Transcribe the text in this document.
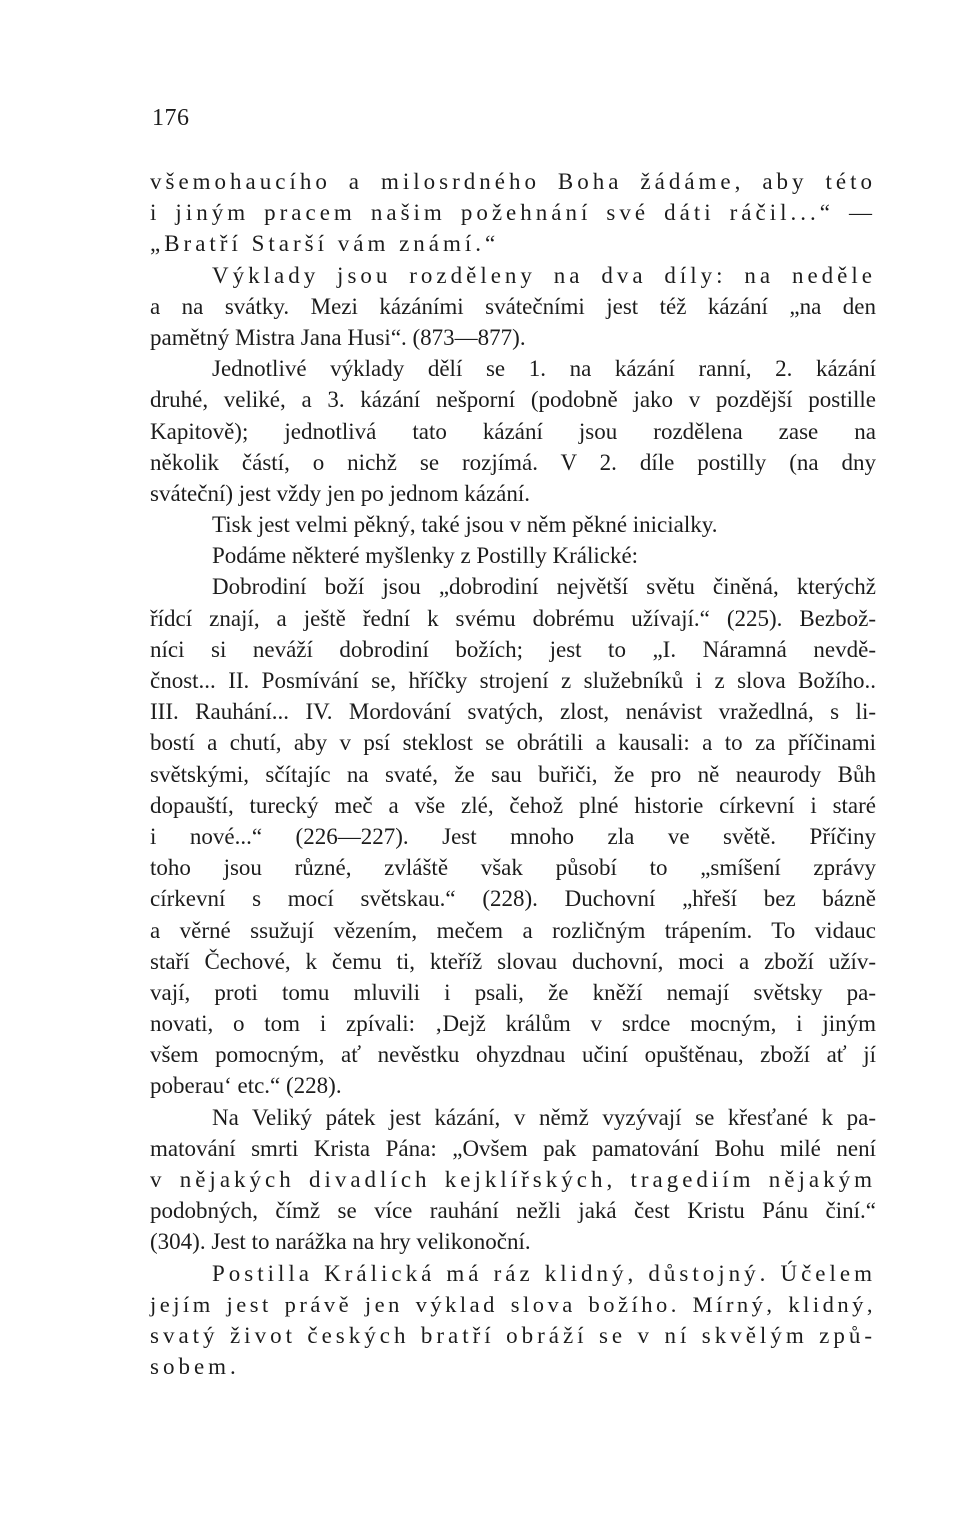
176
všemohaucího a milosrdného Boha žádáme, aby této
i jiným pracem našim požehnání své dáti ráčil...“ —
„Bratří Starší vám známí.“
Výklady jsou rozděleny na dva díly: na neděle
a na svátky. Mezi kázáními svátečními jest též kázání „na den
pamětný Mistra Jana Husi“. (873—877).
Jednotlivé výklady dělí se 1. na kázání ranní, 2. kázání
druhé, veliké, a 3. kázání nešporní (podobně jako v pozdější postille
Kapitově); jednotlivá tato kázání jsou rozdělena zase na
několik částí, o nichž se rozjímá. V 2. díle postilly (na dny
sváteční) jest vždy jen po jednom kázání.
Tisk jest velmi pěkný, také jsou v něm pěkné inicialky.
Podáme některé myšlenky z Postilly Králické:
Dobrodiní boží jsou „dobrodiní největší světu činěná, kterýchž
řídcí znají, a ještě řední k svému dobrému užívají.“ (225). Bezbož-
níci si neváží dobrodiní božích; jest to „I. Náramná nevdě-
čnost... II. Posmívání se, hříčky strojení z služebníků i z slova Božího..
III. Rauhání... IV. Mordování svatých, zlost, nenávist vražedlná, s li-
bostí a chutí, aby v psí steklost se obrátili a kausali: a to za příčinami
světskými, sčítajíc na svaté, že sau buřiči, že pro ně neaurody Bůh
dopauští, turecký meč a vše zlé, čehož plné historie církevní i staré
i nové...“ (226—227). Jest mnoho zla ve světě. Příčiny
toho jsou různé, zvláště však působí to „smíšení zprávy
církevní s mocí světskau.“ (228). Duchovní „hřeší bez bázně
a věrné ssužují vězením, mečem a rozličným trápením. To vidauc
staří Čechové, k čemu ti, kteříž slovau duchovní, moci a zboží užív-
vají, proti tomu mluvili i psali, že kněží nemají světsky pa-
novati, o tom i zpívali: ‚Dejž králům v srdce mocným, i jiným
všem pomocným, ať nevěstku ohyzdnau učiní opuštěnau, zboží ať jí
poberau‘ etc.“ (228).
Na Veliký pátek jest kázání, v němž vyzývají se křesťané k pa-
matování smrti Krista Pána: „Ovšem pak pamatování Bohu milé není
v nějakých divadlích kejklířských, tragediím nějakým
podobných, čímž se více rauhání nežli jaká čest Kristu Pánu činí.“
(304). Jest to narážka na hry velikonoční.
Postilla Králická má ráz klidný, důstojný. Účelem
jejím jest právě jen výklad slova božího. Mírný, klidný,
svatý život českých bratří obráží se v ní skvělým způ-
sobem.
